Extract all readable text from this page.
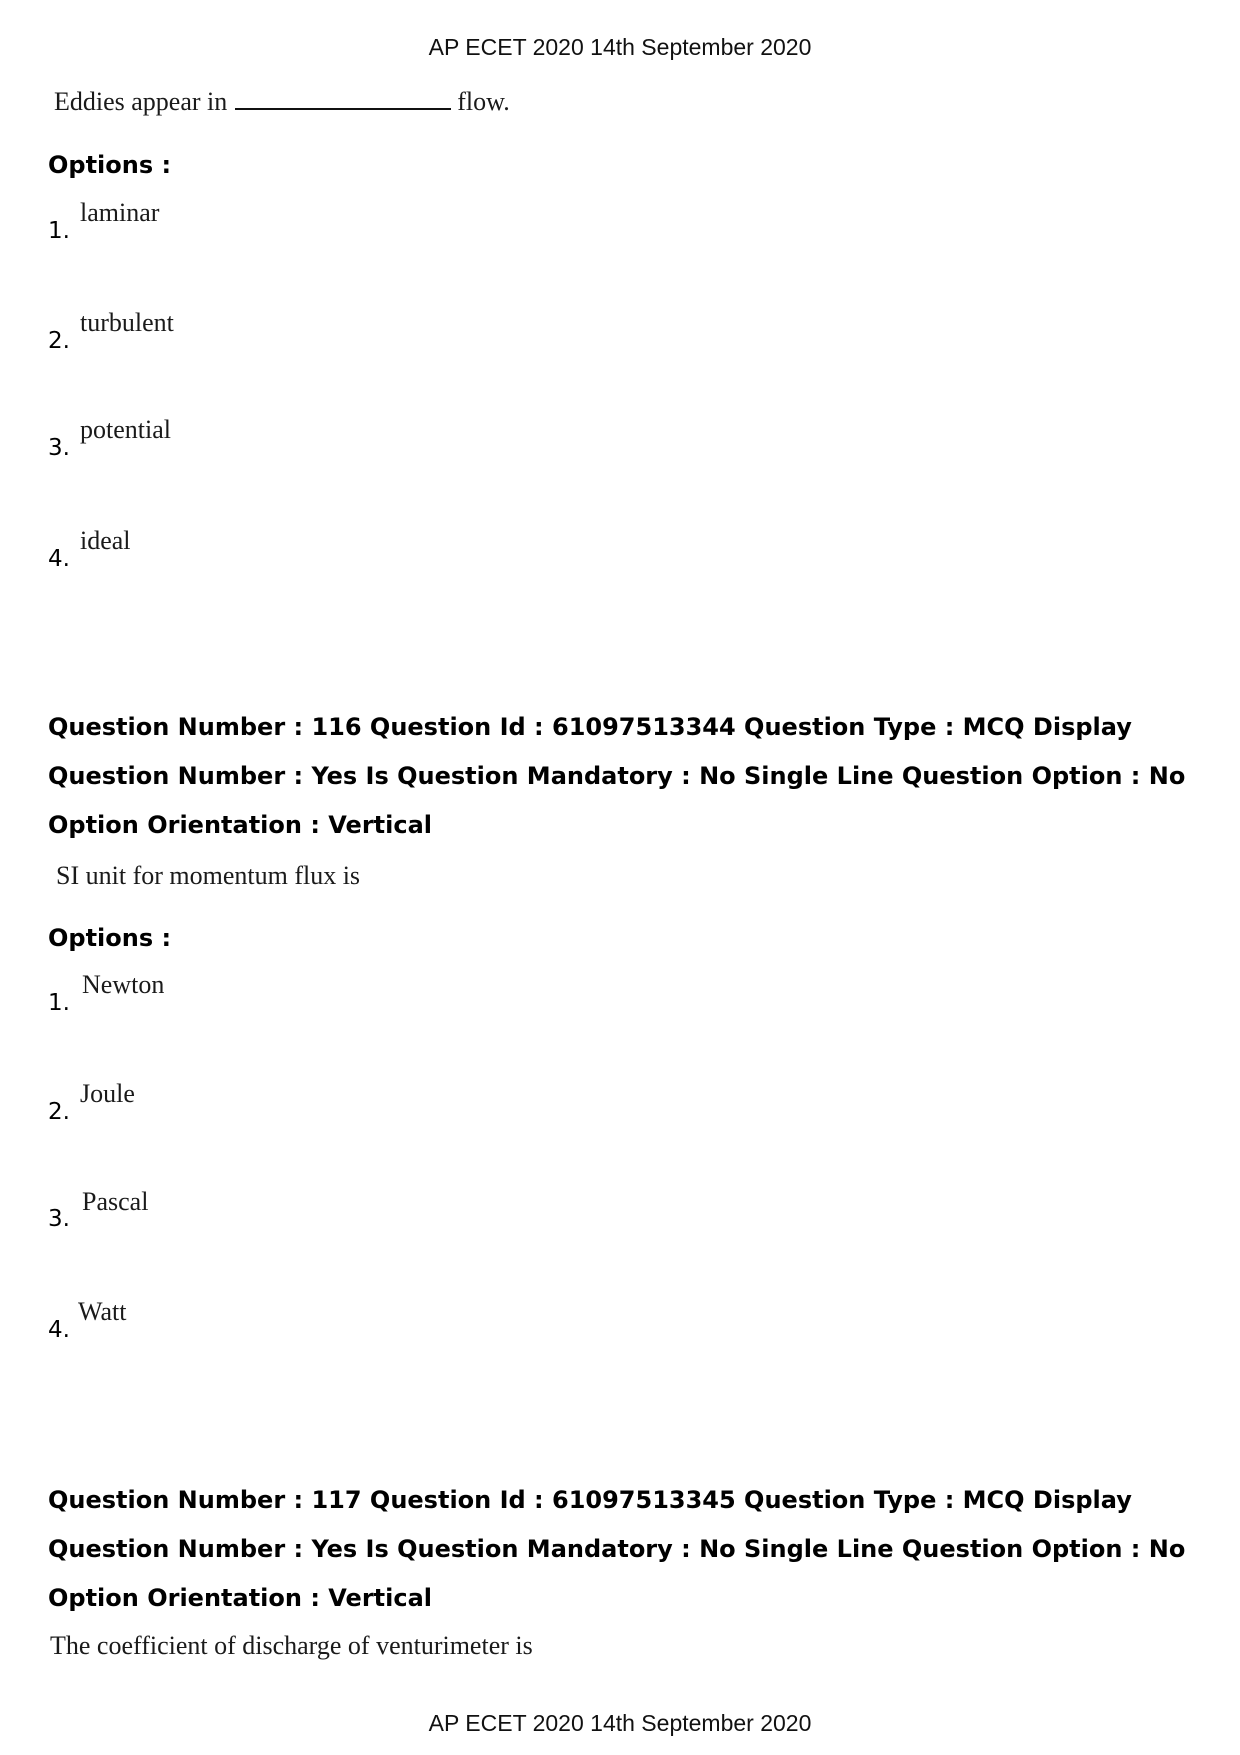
AP ECET 2020 14th September 2020
Eddies appear in	flow.
Options :
1.
laminar
2.
turbulent
3.
potential
4.
ideal
Question Number : 116 Question Id : 61097513344 Question Type : MCQ Display Question Number : Yes Is Question Mandatory : No Single Line Question Option : No Option Orientation : Vertical
SI unit for momentum flux is
Options :
1.
Newton
2.
Joule
3.
Pascal
4.
Watt
Question Number : 117 Question Id : 61097513345 Question Type : MCQ Display Question Number : Yes Is Question Mandatory : No Single Line Question Option : No Option Orientation : Vertical
The coefficient of discharge of venturimeter is
AP ECET 2020 14th September 2020
